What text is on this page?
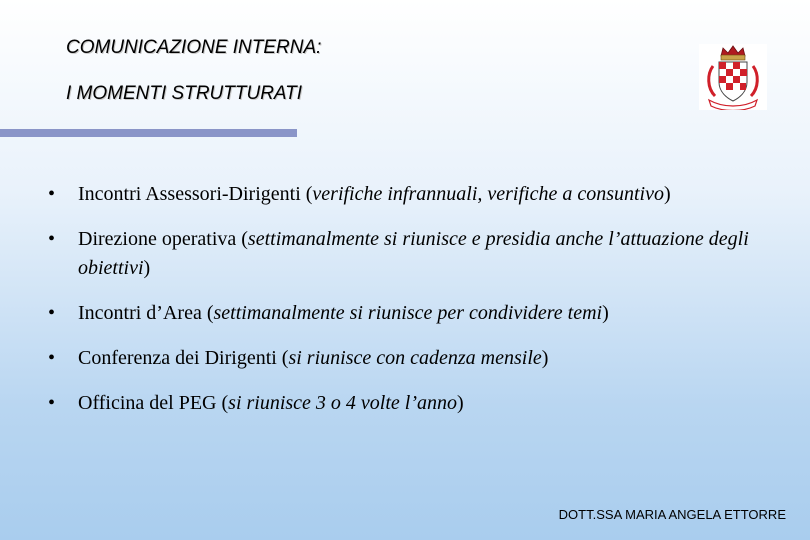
COMUNICAZIONE INTERNA:
I MOMENTI STRUTTURATI
• Incontri Assessori-Dirigenti (verifiche infrannuali, verifiche a consuntivo)
• Direzione operativa (settimanalmente si riunisce e presidia anche l’attuazione degli obiettivi)
• Incontri d’Area (settimanalmente si riunisce per condividere temi)
• Conferenza dei Dirigenti (si riunisce con cadenza mensile)
• Officina del PEG (si riunisce 3 o 4 volte l’anno)
DOTT.SSA MARIA ANGELA ETTORRE
